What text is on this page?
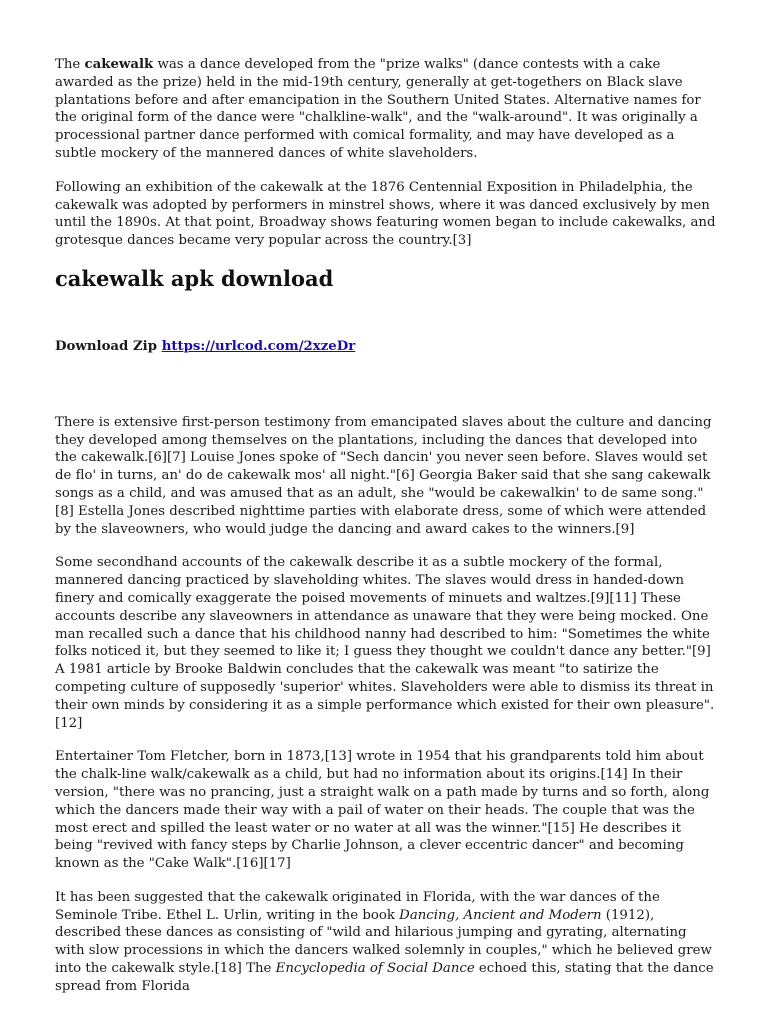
The cakewalk was a dance developed from the "prize walks" (dance contests with a cake awarded as the prize) held in the mid-19th century, generally at get-togethers on Black slave plantations before and after emancipation in the Southern United States. Alternative names for the original form of the dance were "chalkline-walk", and the "walk-around". It was originally a processional partner dance performed with comical formality, and may have developed as a subtle mockery of the mannered dances of white slaveholders.

Following an exhibition of the cakewalk at the 1876 Centennial Exposition in Philadelphia, the cakewalk was adopted by performers in minstrel shows, where it was danced exclusively by men until the 1890s. At that point, Broadway shows featuring women began to include cakewalks, and grotesque dances became very popular across the country.[3]

cakewalk apk download
Download Zip https://urlcod.com/2xzeDr

There is extensive first-person testimony from emancipated slaves about the culture and dancing they developed among themselves on the plantations, including the dances that developed into the cakewalk.[6][7] Louise Jones spoke of "Sech dancin' you never seen before. Slaves would set de flo' in turns, an' do de cakewalk mos' all night."[6] Georgia Baker said that she sang cakewalk songs as a child, and was amused that as an adult, she "would be cakewalkin' to de same song."[8] Estella Jones described nighttime parties with elaborate dress, some of which were attended by the slaveowners, who would judge the dancing and award cakes to the winners.[9]

Some secondhand accounts of the cakewalk describe it as a subtle mockery of the formal, mannered dancing practiced by slaveholding whites. The slaves would dress in handed-down finery and comically exaggerate the poised movements of minuets and waltzes.[9][11] These accounts describe any slaveowners in attendance as unaware that they were being mocked. One man recalled such a dance that his childhood nanny had described to him: "Sometimes the white folks noticed it, but they seemed to like it; I guess they thought we couldn't dance any better."[9] A 1981 article by Brooke Baldwin concludes that the cakewalk was meant "to satirize the competing culture of supposedly 'superior' whites. Slaveholders were able to dismiss its threat in their own minds by considering it as a simple performance which existed for their own pleasure".[12]

Entertainer Tom Fletcher, born in 1873,[13] wrote in 1954 that his grandparents told him about the chalk-line walk/cakewalk as a child, but had no information about its origins.[14] In their version, "there was no prancing, just a straight walk on a path made by turns and so forth, along which the dancers made their way with a pail of water on their heads. The couple that was the most erect and spilled the least water or no water at all was the winner."[15] He describes it being "revived with fancy steps by Charlie Johnson, a clever eccentric dancer" and becoming known as the "Cake Walk".[16][17]

It has been suggested that the cakewalk originated in Florida, with the war dances of the Seminole Tribe. Ethel L. Urlin, writing in the book Dancing, Ancient and Modern (1912), described these dances as consisting of "wild and hilarious jumping and gyrating, alternating with slow processions in which the dancers walked solemnly in couples," which he believed grew into the cakewalk style.[18] The Encyclopedia of Social Dance echoed this, stating that the dance spread from Florida
